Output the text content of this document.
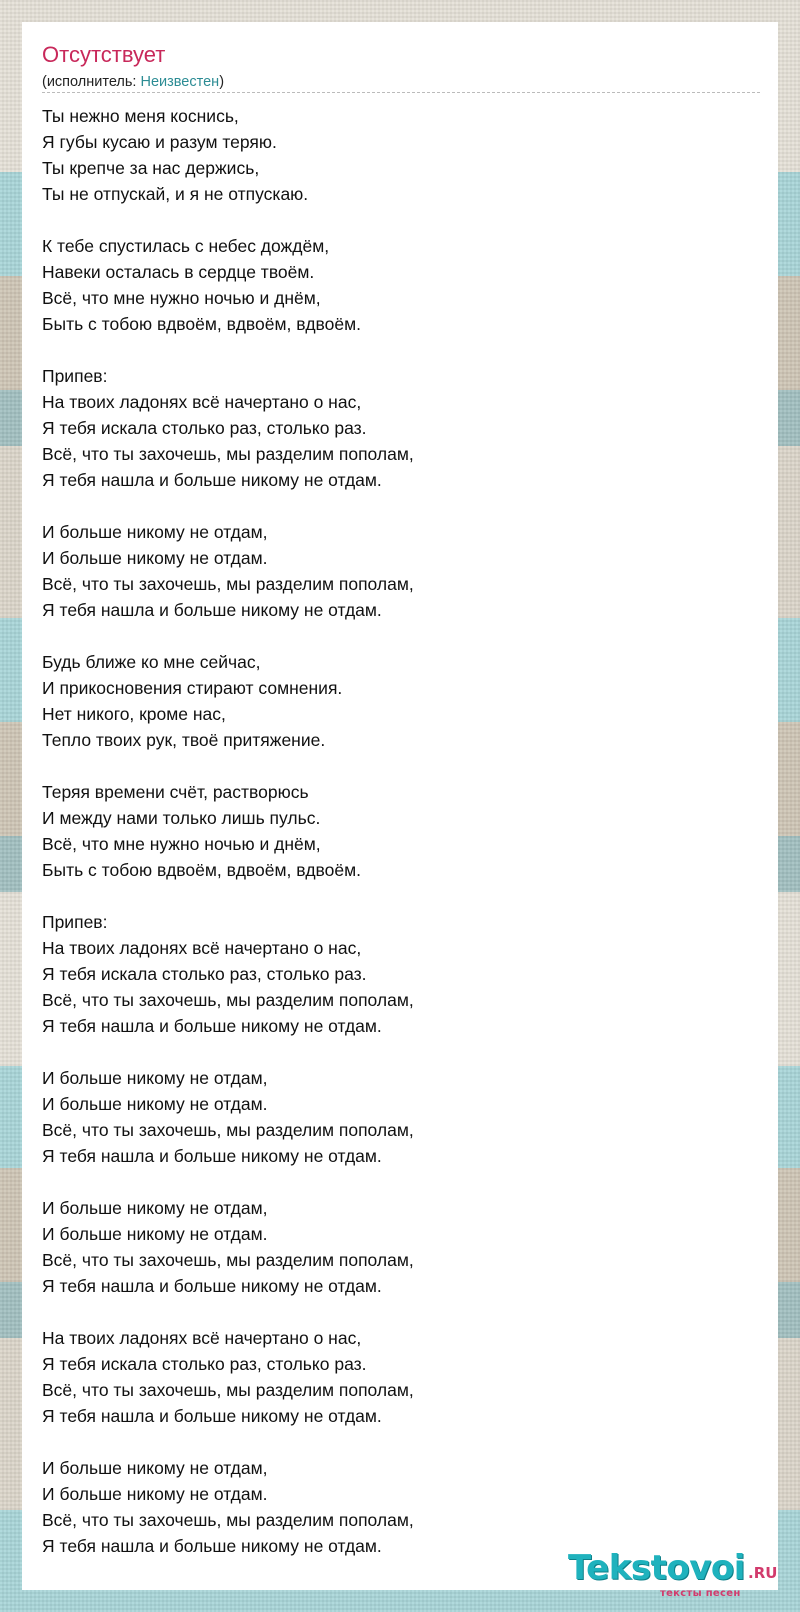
Отсутствует
(исполнитель: Неизвестен)
Ты нежно меня коснись,
Я губы кусаю и разум теряю.
Ты крепче за нас держись,
Ты не отпускай, и я не отпускаю.
К тебе спустилась с небес дождём,
Навеки осталась в сердце твоём.
Всё, что мне нужно ночью и днём,
Быть с тобою вдвоём, вдвоём, вдвоём.
Припев:
На твоих ладонях всё начертано о нас,
Я тебя искала столько раз, столько раз.
Всё, что ты захочешь, мы разделим пополам,
Я тебя нашла и больше никому не отдам.
И больше никому не отдам,
И больше никому не отдам.
Всё, что ты захочешь, мы разделим пополам,
Я тебя нашла и больше никому не отдам.
Будь ближе ко мне сейчас,
И прикосновения стирают сомнения.
Нет никого, кроме нас,
Тепло твоих рук, твоё притяжение.
Теряя времени счёт, растворюсь
И между нами только лишь пульс.
Всё, что мне нужно ночью и днём,
Быть с тобою вдвоём, вдвоём, вдвоём.
Припев:
На твоих ладонях всё начертано о нас,
Я тебя искала столько раз, столько раз.
Всё, что ты захочешь, мы разделим пополам,
Я тебя нашла и больше никому не отдам.
И больше никому не отдам,
И больше никому не отдам.
Всё, что ты захочешь, мы разделим пополам,
Я тебя нашла и больше никому не отдам.
И больше никому не отдам,
И больше никому не отдам.
Всё, что ты захочешь, мы разделим пополам,
Я тебя нашла и больше никому не отдам.
На твоих ладонях всё начертано о нас,
Я тебя искала столько раз, столько раз.
Всё, что ты захочешь, мы разделим пополам,
Я тебя нашла и больше никому не отдам.
И больше никому не отдам,
И больше никому не отдам.
Всё, что ты захочешь, мы разделим пополам,
Я тебя нашла и больше никому не отдам.
Tekstovoi .RU
тексты песен
